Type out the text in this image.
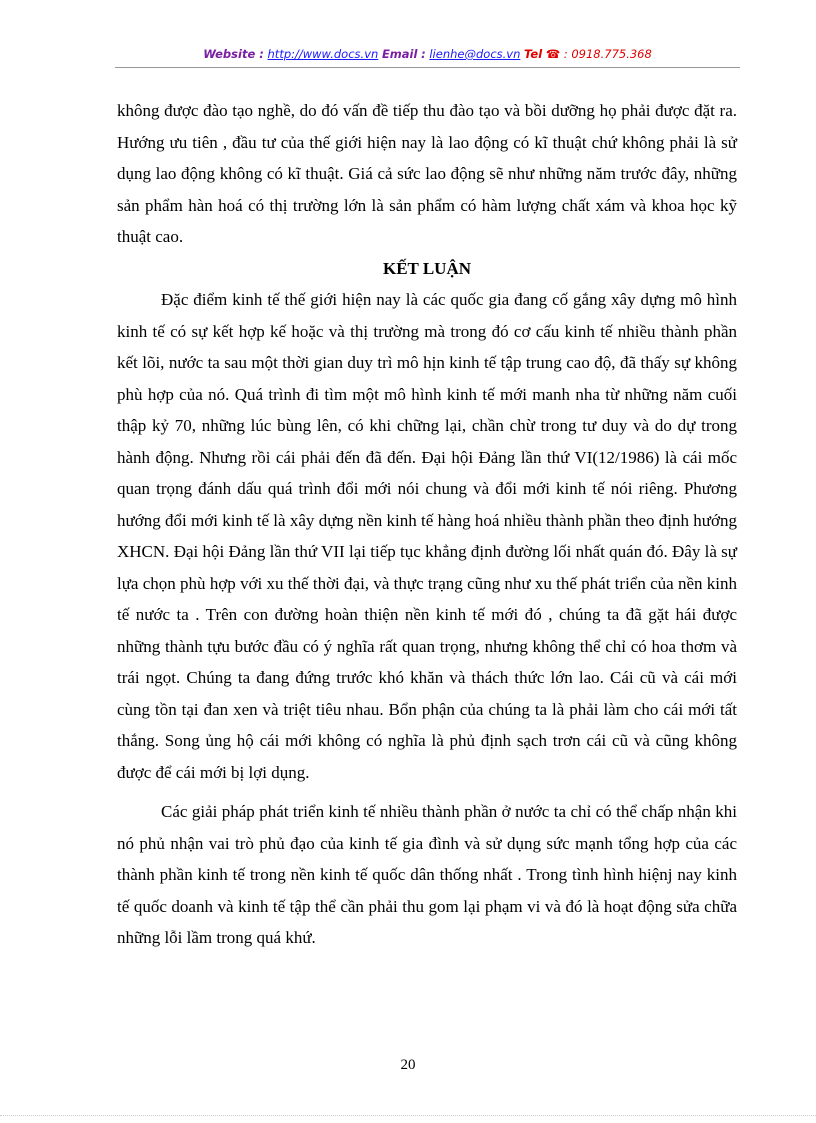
Website : http://www.docs.vn Email : lienhe@docs.vn Tel ☎ : 0918.775.368

không được đào tạo nghề, do đó vấn đề tiếp thu đào tạo và bồi dưỡng họ phải được đặt ra. Hướng ưu tiên , đầu tư của thế giới hiện nay là lao động có kĩ thuật chứ không phải là sử dụng lao động không có kĩ thuật. Giá cả sức lao động sẽ như những năm trước đây, những sản phẩm hàn hoá có thị trường lớn là sản phẩm có hàm lượng chất xám và khoa học kỹ thuật cao.

KẾT LUẬN

Đặc điểm kinh tế thế giới hiện nay là các quốc gia đang cố gắng xây dựng mô hình kinh tế có sự kết hợp kế hoặc và thị trường mà trong đó cơ cấu kinh tế nhiều thành phần kết lõi, nước ta sau một thời gian duy trì mô hịn kinh tế tập trung cao độ, đã thấy sự không phù hợp của nó. Quá trình đi tìm một mô hình kinh tế mới manh nha từ những năm cuối thập kỷ 70, những lúc bùng lên, có khi chững lại, chần chừ trong tư duy và do dự trong hành động. Nhưng rồi cái phải đến đã đến. Đại hội Đảng lần thứ VI(12/1986) là cái mốc quan trọng đánh dấu quá trình đổi mới nói chung và đổi mới kinh tế nói riêng. Phương hướng đổi mới kinh tế là xây dựng nền kinh tế hàng hoá nhiều thành phần theo định hướng XHCN. Đại hội Đảng lần thứ VII lại tiếp tục khẳng định đường lối nhất quán đó. Đây là sự lựa chọn phù hợp với xu thế thời đại, và thực trạng cũng như xu thế phát triển của nền kinh tế nước ta . Trên con đường hoàn thiện nền kinh tế mới đó , chúng ta đã gặt hái được những thành tựu bước đầu có ý nghĩa rất quan trọng, nhưng không thể chỉ có hoa thơm và trái ngọt. Chúng ta đang đứng trước khó khăn và thách thức lớn lao. Cái cũ và cái mới cùng tồn tại đan xen và triệt tiêu nhau. Bổn phận của chúng ta là phải làm cho cái mới tất thắng. Song ủng hộ cái mới không có nghĩa là phủ định sạch trơn cái cũ và cũng không được để cái mới bị lợi dụng.

Các giải pháp phát triển kinh tế nhiều thành phần ở nước ta chỉ có thể chấp nhận khi nó phủ nhận vai trò phủ đạo của kinh tế gia đình và sử dụng sức mạnh tổng hợp của các thành phần kinh tế trong nền kinh tế quốc dân thống nhất . Trong tình hình hiệnj nay kinh tế quốc doanh và kinh tế tập thể cần phải thu gom lại phạm vi và đó là hoạt động sửa chữa những lỗi lầm trong quá khứ.

20
